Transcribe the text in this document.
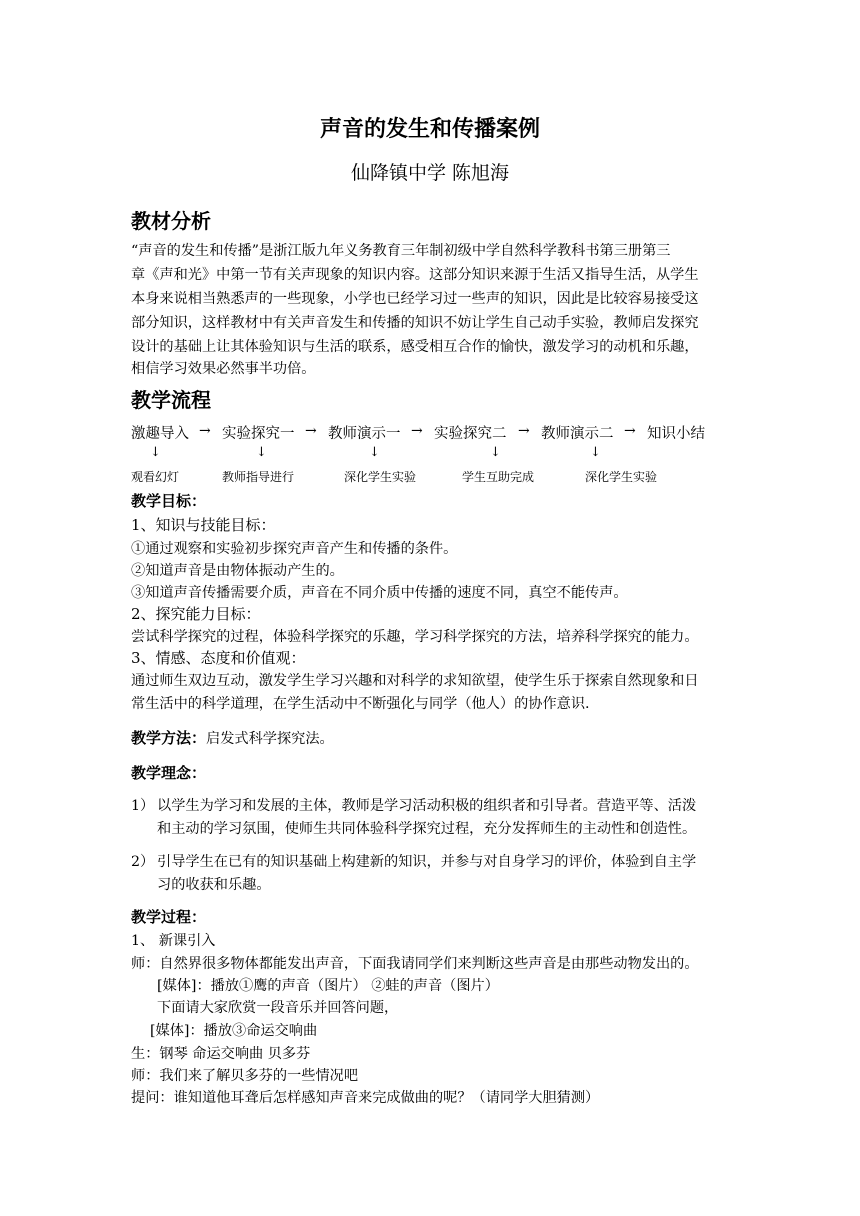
声音的发生和传播案例
仙降镇中学 陈旭海
教材分析
“声音的发生和传播”是浙江版九年义务教育三年制初级中学自然科学教科书第三册第三
章《声和光》中第一节有关声现象的知识内容。这部分知识来源于生活又指导生活，从学生
本身来说相当熟悉声的一些现象，小学也已经学习过一些声的知识，因此是比较容易接受这
部分知识，这样教材中有关声音发生和传播的知识不妨让学生自己动手实验，教师启发探究
设计的基础上让其体验知识与生活的联系，感受相互合作的愉快，激发学习的动机和乐趣，
相信学习效果必然事半功倍。
教学流程
激趣导入 → 实验探究一 → 教师演示一 → 实验探究二 → 教师演示二 → 知识小结
↓	↓	↓	↓	↓
观看幻灯	教师指导进行	深化学生实验	学生互助完成	深化学生实验
教学目标：
1、知识与技能目标：
①通过观察和实验初步探究声音产生和传播的条件。
②知道声音是由物体振动产生的。
③知道声音传播需要介质，声音在不同介质中传播的速度不同，真空不能传声。
2、探究能力目标：
尝试科学探究的过程，体验科学探究的乐趣，学习科学探究的方法，培养科学探究的能力。
3、情感、态度和价值观：
通过师生双边互动，激发学生学习兴趣和对科学的求知欲望，使学生乐于探索自然现象和日
常生活中的科学道理，在学生活动中不断强化与同学（他人）的协作意识.
教学方法：启发式科学探究法。
教学理念：
1） 以学生为学习和发展的主体，教师是学习活动积极的组织者和引导者。营造平等、活泼
和主动的学习氛围，使师生共同体验科学探究过程，充分发挥师生的主动性和创造性。
2） 引导学生在已有的知识基础上构建新的知识，并参与对自身学习的评价，体验到自主学
习的收获和乐趣。
教学过程：
1、 新课引入
师：自然界很多物体都能发出声音，下面我请同学们来判断这些声音是由那些动物发出的。
[媒体]：播放①鹰的声音（图片） ②蛙的声音（图片）
下面请大家欣赏一段音乐并回答问题，
[媒体]：播放③命运交响曲
生：钢琴 命运交响曲 贝多芬
师：我们来了解贝多芬的一些情况吧
提问：谁知道他耳聋后怎样感知声音来完成做曲的呢？（请同学大胆猜测）
